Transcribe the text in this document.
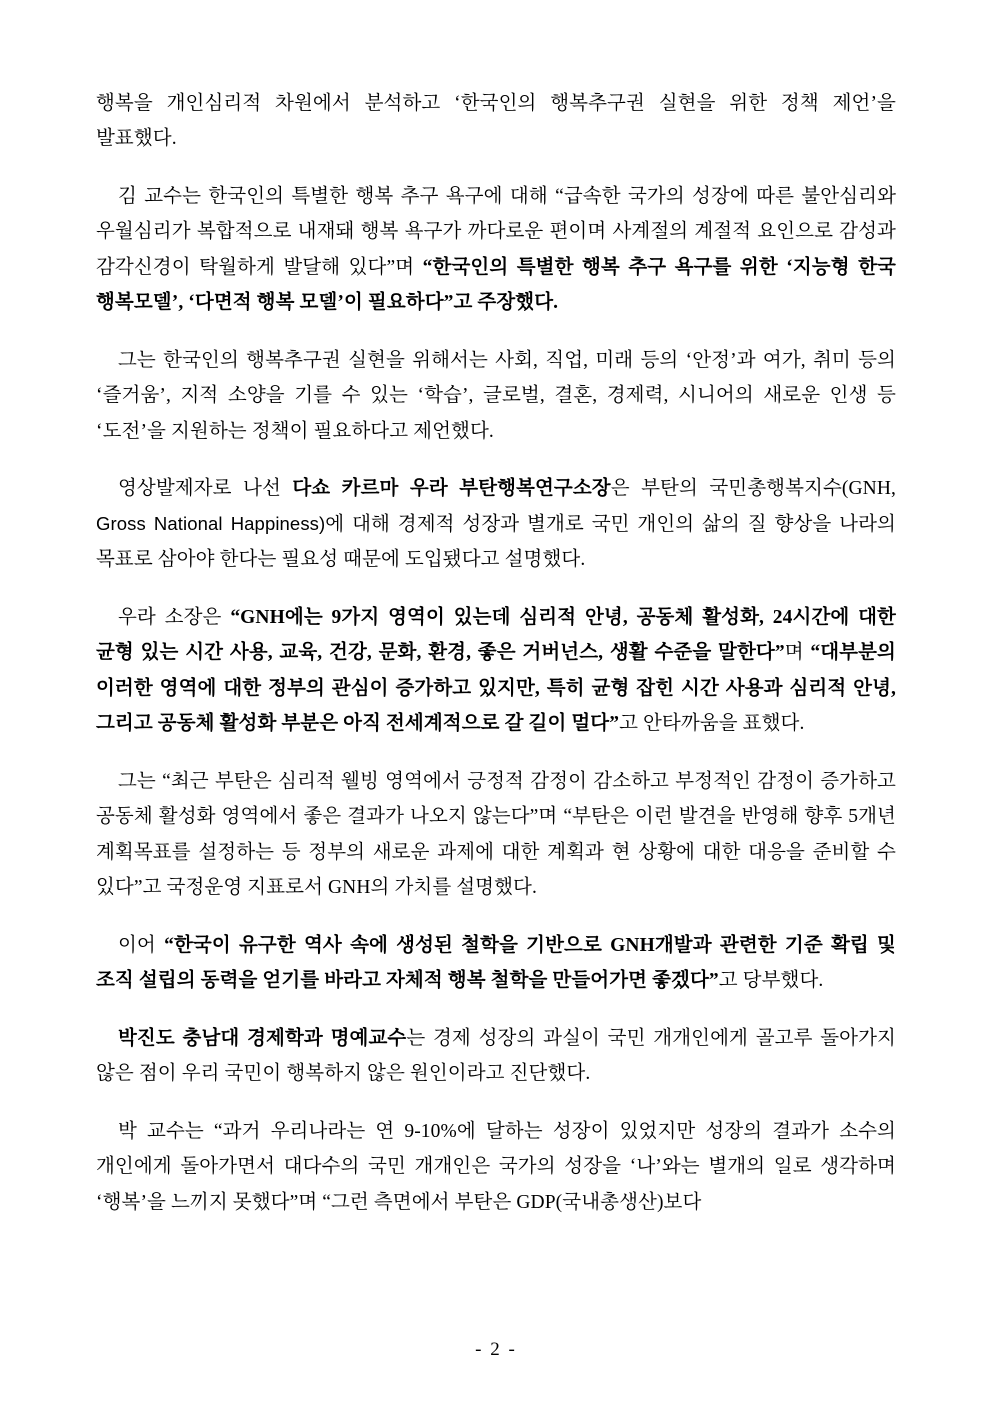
행복을 개인심리적 차원에서 분석하고 ‘한국인의 행복추구권 실현을 위한 정책 제언’을 발표했다.

김 교수는 한국인의 특별한 행복 추구 욕구에 대해 “급속한 국가의 성장에 따른 불안심리와 우월심리가 복합적으로 내재돼 행복 욕구가 까다로운 편이며 사계절의 계절적 요인으로 감성과 감각신경이 탁월하게 발달해 있다”며 “한국인의 특별한 행복 추구 욕구를 위한 ‘지능형 한국 행복모델’, ‘다면적 행복 모델’이 필요하다”고 주장했다.

그는 한국인의 행복추구권 실현을 위해서는 사회, 직업, 미래 등의 ‘안정’과 여가, 취미 등의 ‘즐거움’, 지적 소양을 기를 수 있는 ‘학습’, 글로벌, 결혼, 경제력, 시니어의 새로운 인생 등 ‘도전’을 지원하는 정책이 필요하다고 제언했다.

영상발제자로 나선 다쇼 카르마 우라 부탄행복연구소장은 부탄의 국민총행복지수(GNH, Gross National Happiness)에 대해 경제적 성장과 별개로 국민 개인의 삶의 질 향상을 나라의 목표로 삼아야 한다는 필요성 때문에 도입됐다고 설명했다.

우라 소장은 “GNH에는 9가지 영역이 있는데 심리적 안녕, 공동체 활성화, 24시간에 대한 균형 있는 시간 사용, 교육, 건강, 문화, 환경, 좋은 거버넌스, 생활 수준을 말한다”며 “대부분의 이러한 영역에 대한 정부의 관심이 증가하고 있지만, 특히 균형 잡힌 시간 사용과 심리적 안녕, 그리고 공동체 활성화 부분은 아직 전세계적으로 갈 길이 멀다”고 안타까움을 표했다.

그는 “최근 부탄은 심리적 웰빙 영역에서 긍정적 감정이 감소하고 부정적인 감정이 증가하고 공동체 활성화 영역에서 좋은 결과가 나오지 않는다”며 “부탄은 이런 발견을 반영해 향후 5개년 계획목표를 설정하는 등 정부의 새로운 과제에 대한 계획과 현 상황에 대한 대응을 준비할 수 있다”고 국정운영 지표로서 GNH의 가치를 설명했다.

이어 “한국이 유구한 역사 속에 생성된 철학을 기반으로 GNH개발과 관련한 기준 확립 및 조직 설립의 동력을 얻기를 바라고 자체적 행복 철학을 만들어가면 좋겠다”고 당부했다.

박진도 충남대 경제학과 명예교수는 경제 성장의 과실이 국민 개개인에게 골고루 돌아가지 않은 점이 우리 국민이 행복하지 않은 원인이라고 진단했다.

박 교수는 “과거 우리나라는 연 9-10%에 달하는 성장이 있었지만 성장의 결과가 소수의 개인에게 돌아가면서 대다수의 국민 개개인은 국가의 성장을 ‘나’와는 별개의 일로 생각하며 ‘행복’을 느끼지 못했다”며 “그런 측면에서 부탄은 GDP(국내총생산)보다

- 2 -
